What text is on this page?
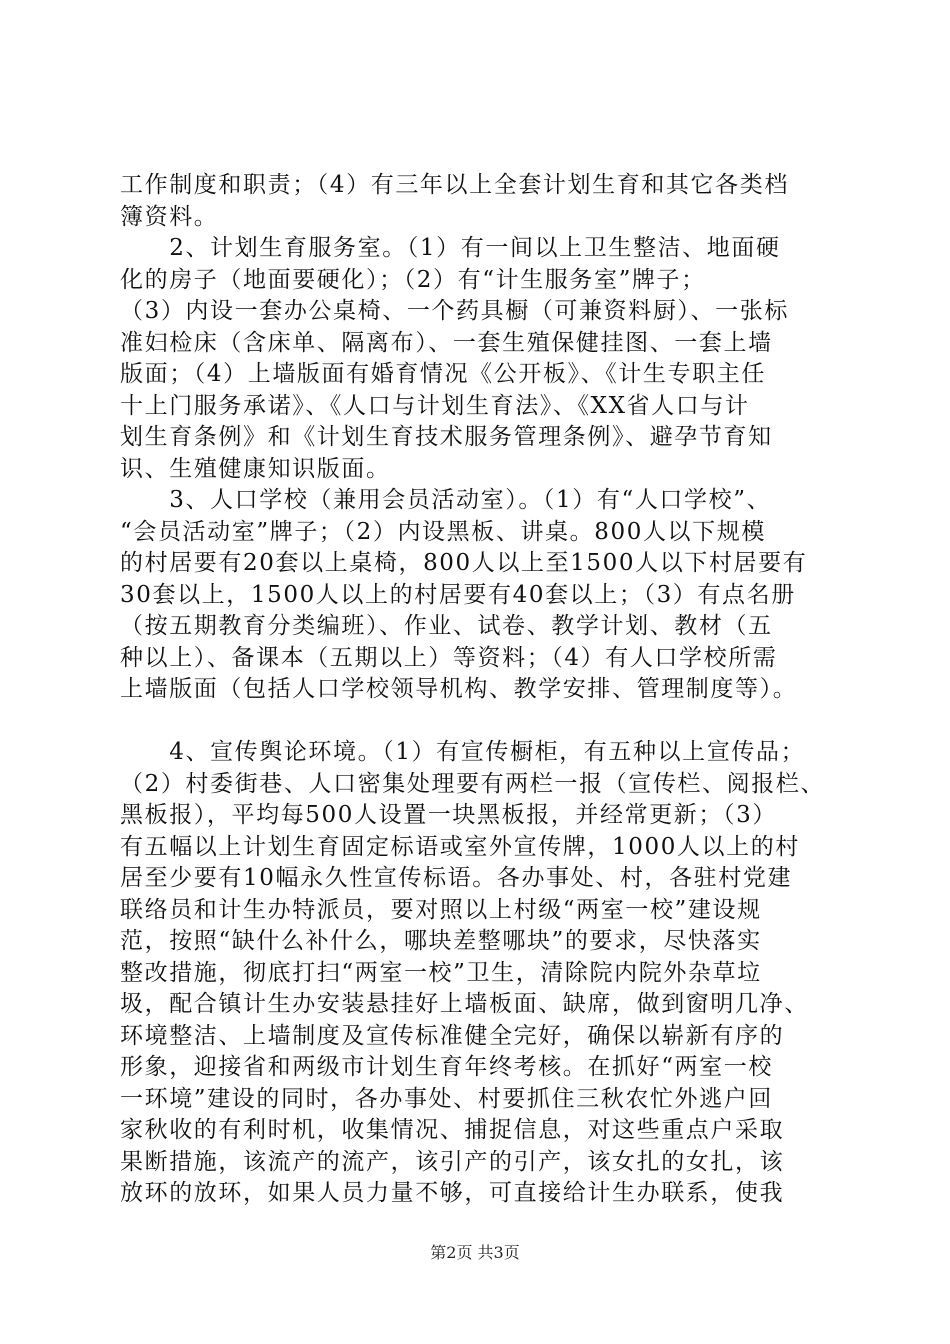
工作制度和职责；（4）有三年以上全套计划生育和其它各类档
簿资料。
　　2、计划生育服务室。（1）有一间以上卫生整洁、地面硬
化的房子（地面要硬化）；（2）有“计生服务室”牌子；
（3）内设一套办公桌椅、一个药具橱（可兼资料厨）、一张标
准妇检床（含床单、隔离布）、一套生殖保健挂图、一套上墙
版面；（4）上墙版面有婚育情况《公开板》、《计生专职主任
十上门服务承诺》、《人口与计划生育法》、《XX省人口与计
划生育条例》和《计划生育技术服务管理条例》、避孕节育知
识、生殖健康知识版面。
　　3、人口学校（兼用会员活动室）。（1）有“人口学校”、
“会员活动室”牌子；（2）内设黑板、讲桌。800人以下规模
的村居要有20套以上桌椅，800人以上至1500人以下村居要有
30套以上，1500人以上的村居要有40套以上；（3）有点名册
（按五期教育分类编班）、作业、试卷、教学计划、教材（五
种以上）、备课本（五期以上）等资料；（4）有人口学校所需
上墙版面（包括人口学校领导机构、教学安排、管理制度等）。
　　4、宣传舆论环境。（1）有宣传橱柜，有五种以上宣传品；
（2）村委街巷、人口密集处理要有两栏一报（宣传栏、阅报栏、
黑板报），平均每500人设置一块黑板报，并经常更新；（3）
有五幅以上计划生育固定标语或室外宣传牌，1000人以上的村
居至少要有10幅永久性宣传标语。各办事处、村，各驻村党建
联络员和计生办特派员，要对照以上村级“两室一校”建设规
范，按照“缺什么补什么，哪块差整哪块”的要求，尽快落实
整改措施，彻底打扫“两室一校”卫生，清除院内院外杂草垃
圾，配合镇计生办安装悬挂好上墙板面、缺席，做到窗明几净、
环境整洁、上墙制度及宣传标准健全完好，确保以崭新有序的
形象，迎接省和两级市计划生育年终考核。在抓好“两室一校
一环境”建设的同时，各办事处、村要抓住三秋农忙外逃户回
家秋收的有利时机，收集情况、捕捉信息，对这些重点户采取
果断措施，该流产的流产，该引产的引产，该女扎的女扎，该
放环的放环，如果人员力量不够，可直接给计生办联系，使我
第2页 共3页
